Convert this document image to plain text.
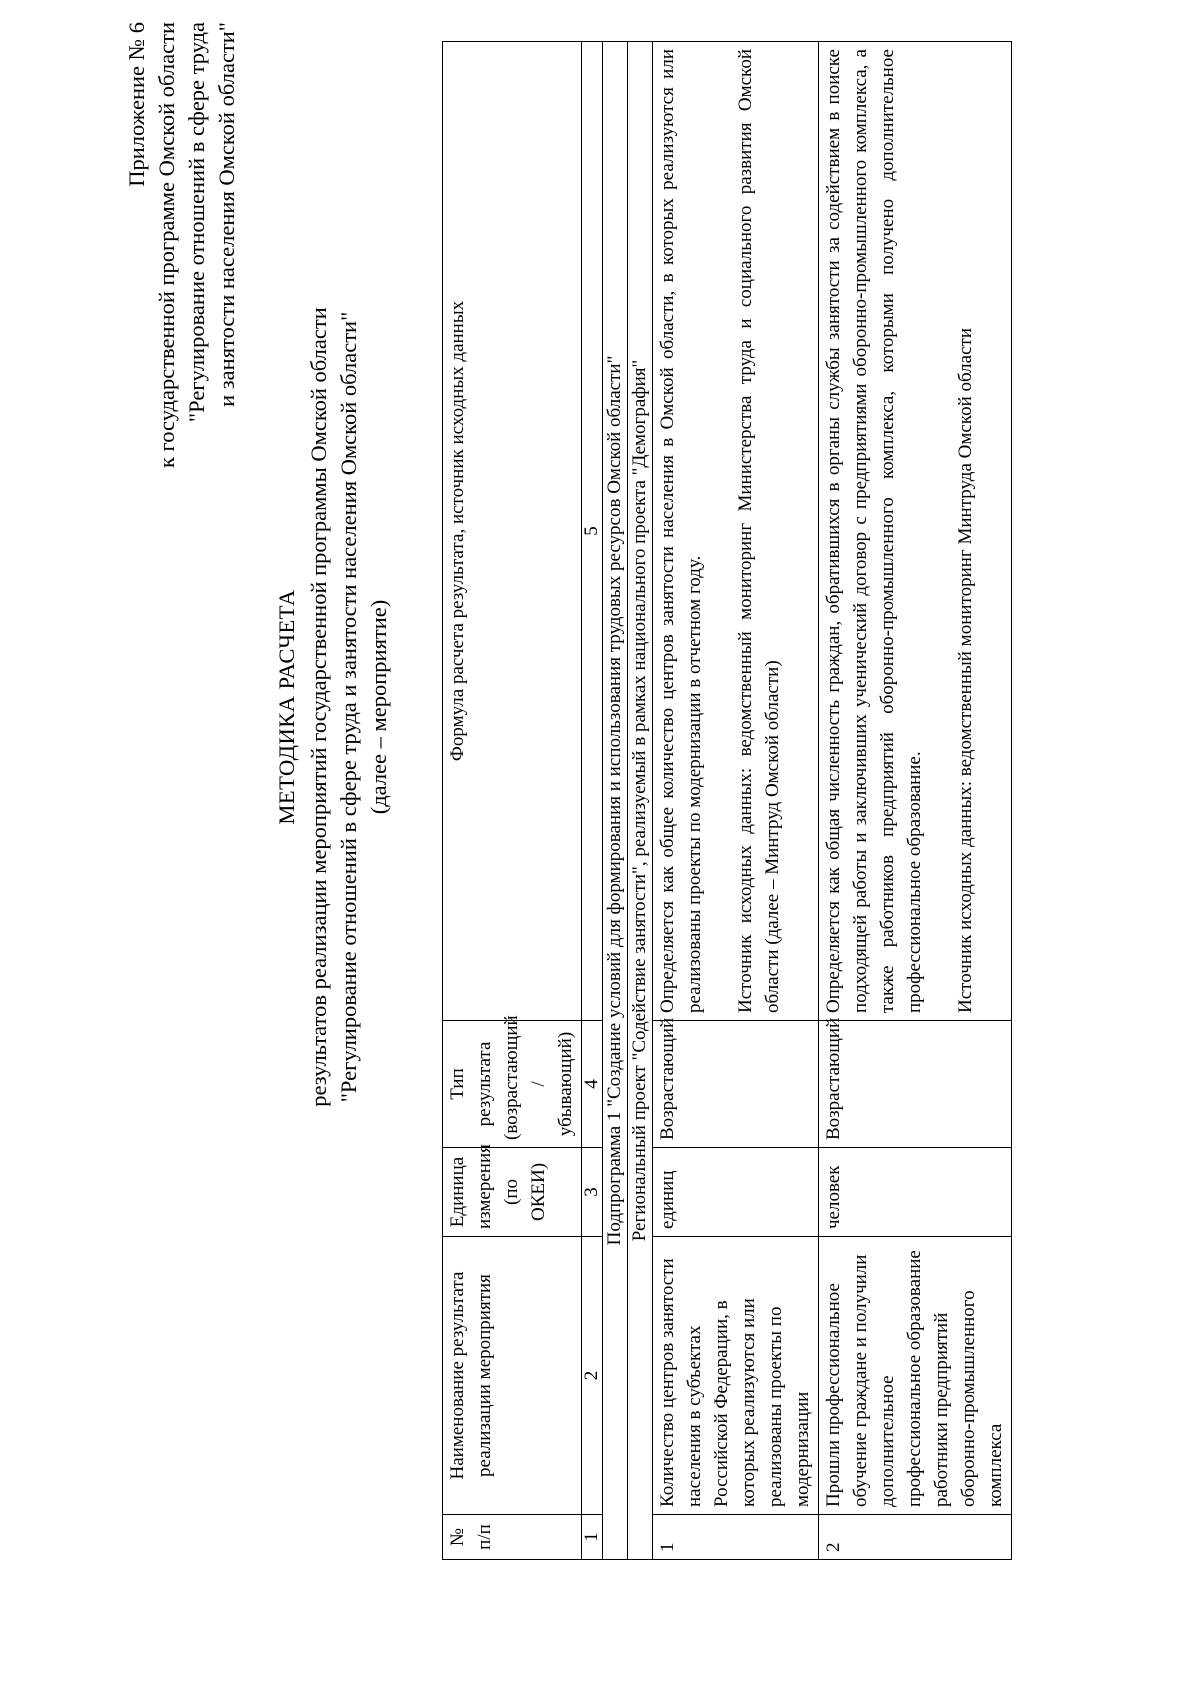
Приложение № 6 к государственной программе Омской области "Регулирование отношений в сфере труда и занятости населения Омской области"
МЕТОДИКА РАСЧЕТА результатов реализации мероприятий государственной программы Омской области "Регулирование отношений в сфере труда и занятости населения Омской области" (далее – мероприятие)
№ п/п	Наименование результата реализации мероприятия	Единица измерения (по ОКЕИ)	Тип результата (возрастающий / убывающий)	Формула расчета результата, источник исходных данных
1	2	3	4	5
Подпрограмма 1 "Создание условий для формирования и использования трудовых ресурсов Омской области"				
Региональный проект "Содействие занятости", реализуемый в рамках национального проекта "Демография"				
1	Количество центров занятости населения в субъектах Российской Федерации, в которых реализуются или реализованы проекты по модернизации	единиц	Возрастающий	Определяется как общее количество центров занятости населения в Омской области, в которых реализуются или реализованы проекты по модернизации в отчетном году. Источник исходных данных: ведомственный мониторинг Министерства труда и социального развития Омской области (далее – Минтруд Омской области)

2	Прошли профессиональное обучение граждане и получили дополнительное профессиональное образование работники предприятий оборонно-промышленного комплекса	человек	Возрастающий	Определяется как общая численность граждан, обратившихся в органы службы занятости за содействием в поиске подходящей работы и заключивших ученический договор с предприятиями оборонно-промышленного комплекса, а также работников предприятий оборонно-промышленного комплекса, которыми получено дополнительное профессиональное образование. Источник исходных данных: ведомственный мониторинг Минтруда Омской области
